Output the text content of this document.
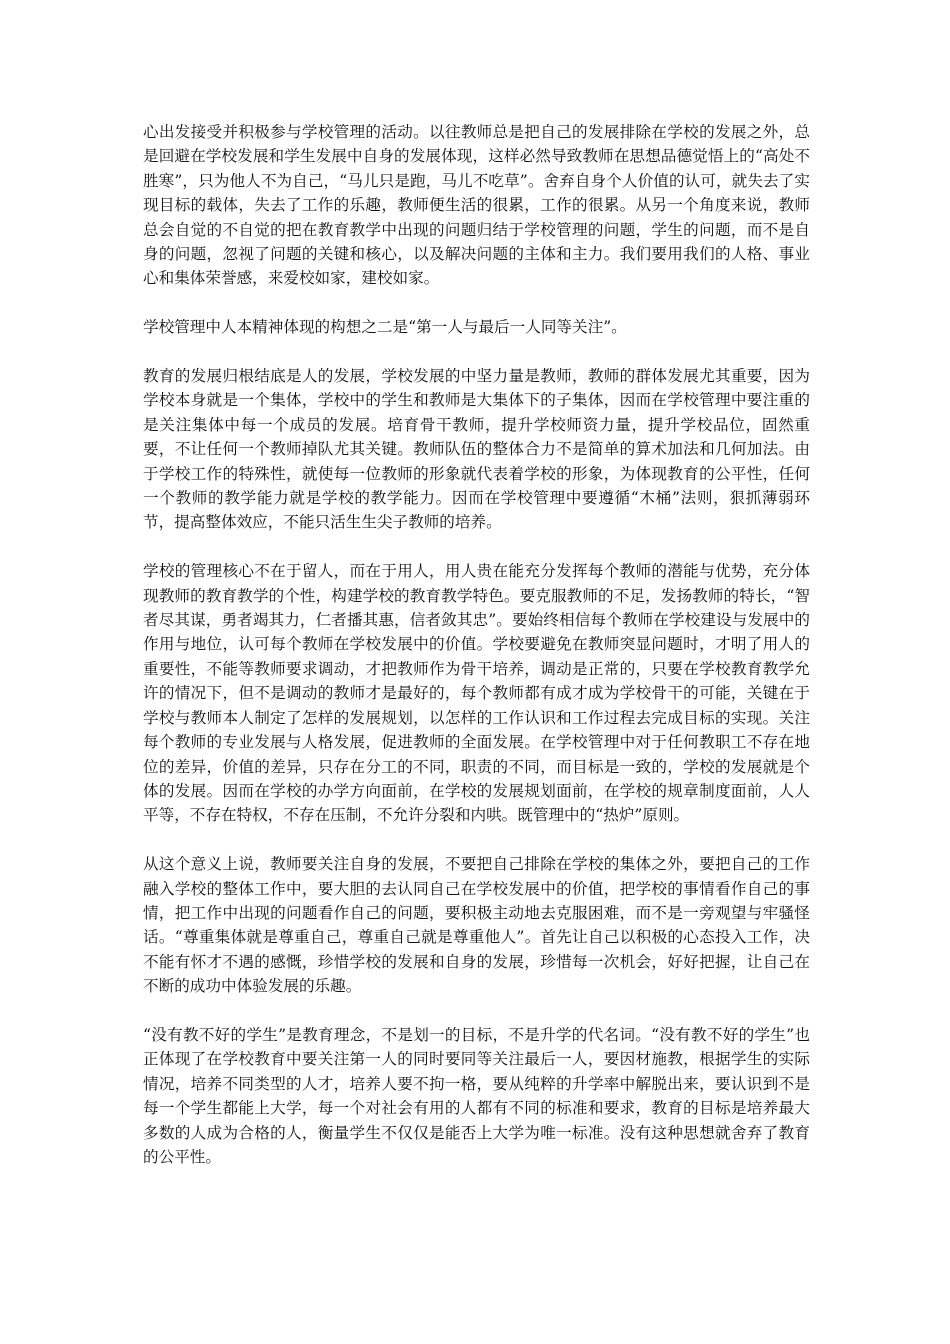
心出发接受并积极参与学校管理的活动。以往教师总是把自己的发展排除在学校的发展之外，总是回避在学校发展和学生发展中自身的发展体现，这样必然导致教师在思想品德觉悟上的“高处不胜寒”，只为他人不为自己，“马儿只是跑，马儿不吃草”。舍弃自身个人价值的认可，就失去了实现目标的载体，失去了工作的乐趣，教师便生活的很累，工作的很累。从另一个角度来说，教师总会自觉的不自觉的把在教育教学中出现的问题归结于学校管理的问题，学生的问题，而不是自身的问题，忽视了问题的关键和核心，以及解决问题的主体和主力。我们要用我们的人格、事业心和集体荣誉感，来爱校如家，建校如家。

学校管理中人本精神体现的构想之二是“第一人与最后一人同等关注”。

教育的发展归根结底是人的发展，学校发展的中坚力量是教师，教师的群体发展尤其重要，因为学校本身就是一个集体，学校中的学生和教师是大集体下的子集体，因而在学校管理中要注重的是关注集体中每一个成员的发展。培育骨干教师，提升学校师资力量，提升学校品位，固然重要，不让任何一个教师掉队尤其关键。教师队伍的整体合力不是简单的算术加法和几何加法。由于学校工作的特殊性，就使每一位教师的形象就代表着学校的形象，为体现教育的公平性，任何一个教师的教学能力就是学校的教学能力。因而在学校管理中要遵循“木桶”法则，狠抓薄弱环节，提高整体效应，不能只活生生尖子教师的培养。

学校的管理核心不在于留人，而在于用人，用人贵在能充分发挥每个教师的潜能与优势，充分体现教师的教育教学的个性，构建学校的教育教学特色。要克服教师的不足，发扬教师的特长，“智者尽其谋，勇者竭其力，仁者播其惠，信者敛其忠”。要始终相信每个教师在学校建设与发展中的作用与地位，认可每个教师在学校发展中的价值。学校要避免在教师突显问题时，才明了用人的重要性，不能等教师要求调动，才把教师作为骨干培养，调动是正常的，只要在学校教育教学允许的情况下，但不是调动的教师才是最好的，每个教师都有成才成为学校骨干的可能，关键在于学校与教师本人制定了怎样的发展规划，以怎样的工作认识和工作过程去完成目标的实现。关注每个教师的专业发展与人格发展，促进教师的全面发展。在学校管理中对于任何教职工不存在地位的差异，价值的差异，只存在分工的不同，职责的不同，而目标是一致的，学校的发展就是个体的发展。因而在学校的办学方向面前，在学校的发展规划面前，在学校的规章制度面前，人人平等，不存在特权，不存在压制，不允许分裂和内哄。既管理中的“热炉”原则。

从这个意义上说，教师要关注自身的发展，不要把自己排除在学校的集体之外，要把自己的工作融入学校的整体工作中，要大胆的去认同自己在学校发展中的价值，把学校的事情看作自己的事情，把工作中出现的问题看作自己的问题，要积极主动地去克服困难，而不是一旁观望与牢骚怪话。“尊重集体就是尊重自己，尊重自己就是尊重他人”。首先让自己以积极的心态投入工作，决不能有怀才不遇的感慨，珍惜学校的发展和自身的发展，珍惜每一次机会，好好把握，让自己在不断的成功中体验发展的乐趣。

“没有教不好的学生”是教育理念，不是划一的目标，不是升学的代名词。“没有教不好的学生”也正体现了在学校教育中要关注第一人的同时要同等关注最后一人，要因材施教，根据学生的实际情况，培养不同类型的人才，培养人要不拘一格，要从纯粹的升学率中解脱出来，要认识到不是每一个学生都能上大学，每一个对社会有用的人都有不同的标准和要求，教育的目标是培养最大多数的人成为合格的人，衡量学生不仅仅是能否上大学为唯一标准。没有这种思想就舍弃了教育的公平性。
